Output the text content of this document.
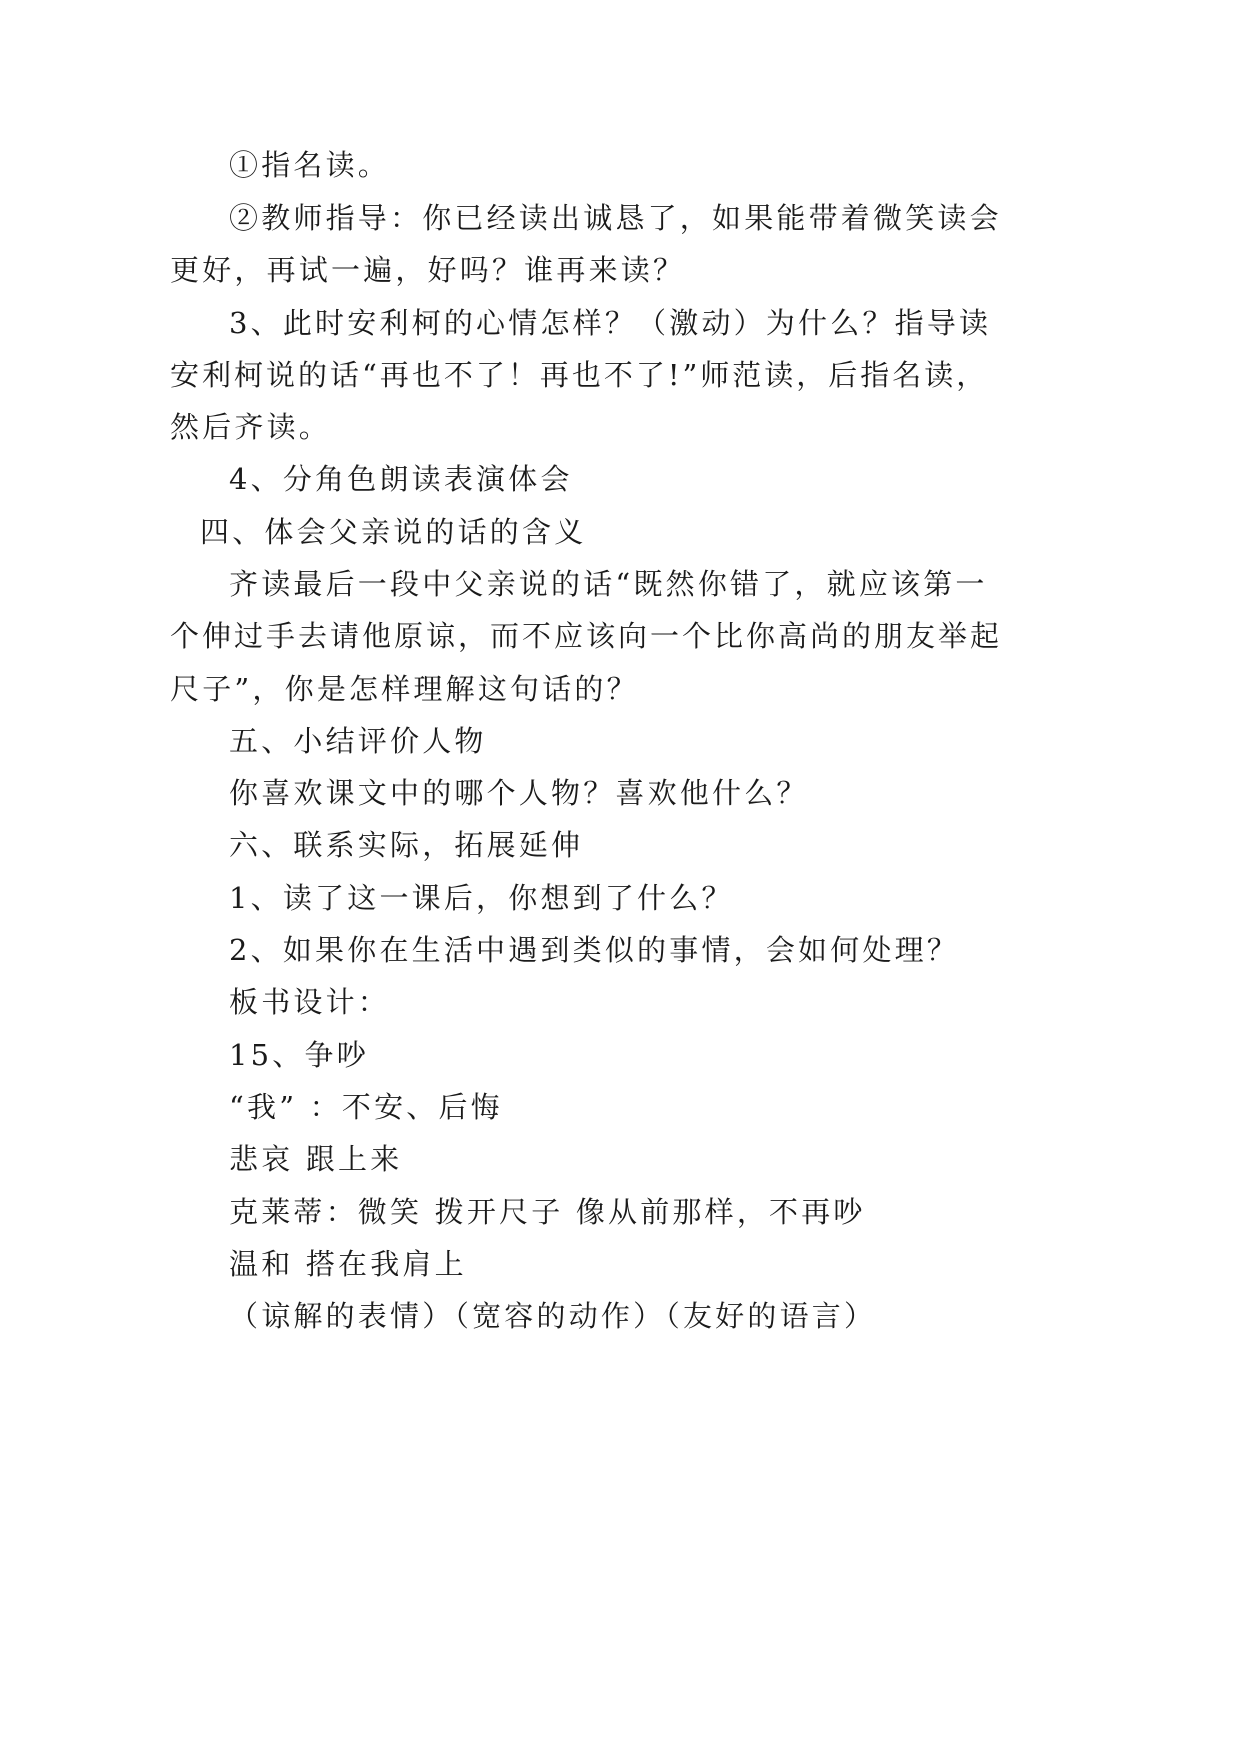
①指名读。
②教师指导：你已经读出诚恳了，如果能带着微笑读会
更好，再试一遍，好吗？谁再来读？
3、此时安利柯的心情怎样？（激动）为什么？指导读
安利柯说的话“再也不了！再也不了!”师范读，后指名读，
然后齐读。
4、分角色朗读表演体会
四、体会父亲说的话的含义
齐读最后一段中父亲说的话“既然你错了，就应该第一
个伸过手去请他原谅，而不应该向一个比你高尚的朋友举起
尺子”，你是怎样理解这句话的？
五、小结评价人物
你喜欢课文中的哪个人物？喜欢他什么？
六、联系实际，拓展延伸
1、读了这一课后，你想到了什么？
2、如果你在生活中遇到类似的事情，会如何处理？
板书设计：
15、争吵
“我” ：不安、后悔
悲哀 跟上来
克莱蒂：微笑 拨开尺子 像从前那样，不再吵
温和 搭在我肩上
（谅解的表情）（宽容的动作）（友好的语言）
